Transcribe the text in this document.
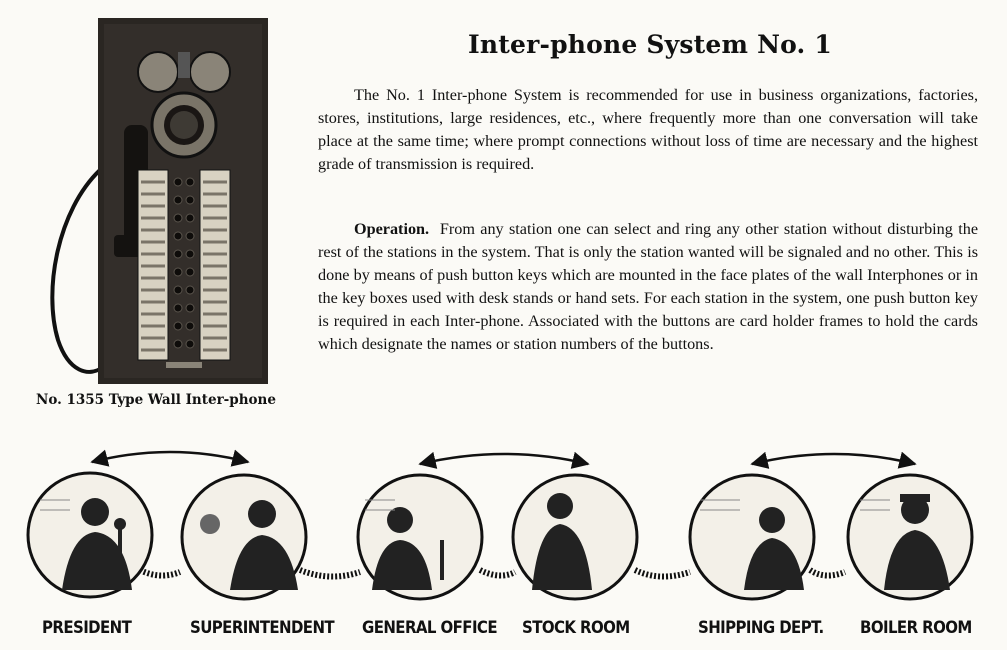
No. 1355 Type Wall Inter-phone
Inter-phone System No. 1

The No. 1 Inter-phone System is recommended for use in business organizations, factories, stores, institutions, large residences, etc., where frequently more than one conversation will take place at the same time; where prompt connections without loss of time are necessary and the highest grade of transmission is required.

Operation. From any station one can select and ring any other station without disturbing the rest of the stations in the system. That is only the station wanted will be signaled and no other. This is done by means of push button keys which are mounted in the face plates of the wall Interphones or in the key boxes used with desk stands or hand sets. For each station in the system, one push button key is required in each Inter-phone. Associated with the buttons are card holder frames to hold the cards which designate the names or station numbers of the buttons.

PRESIDENT	SUPERINTENDENT GENERAL OFFICE STOCK ROOM	SHIPPING DEPT. BOILER ROOM
